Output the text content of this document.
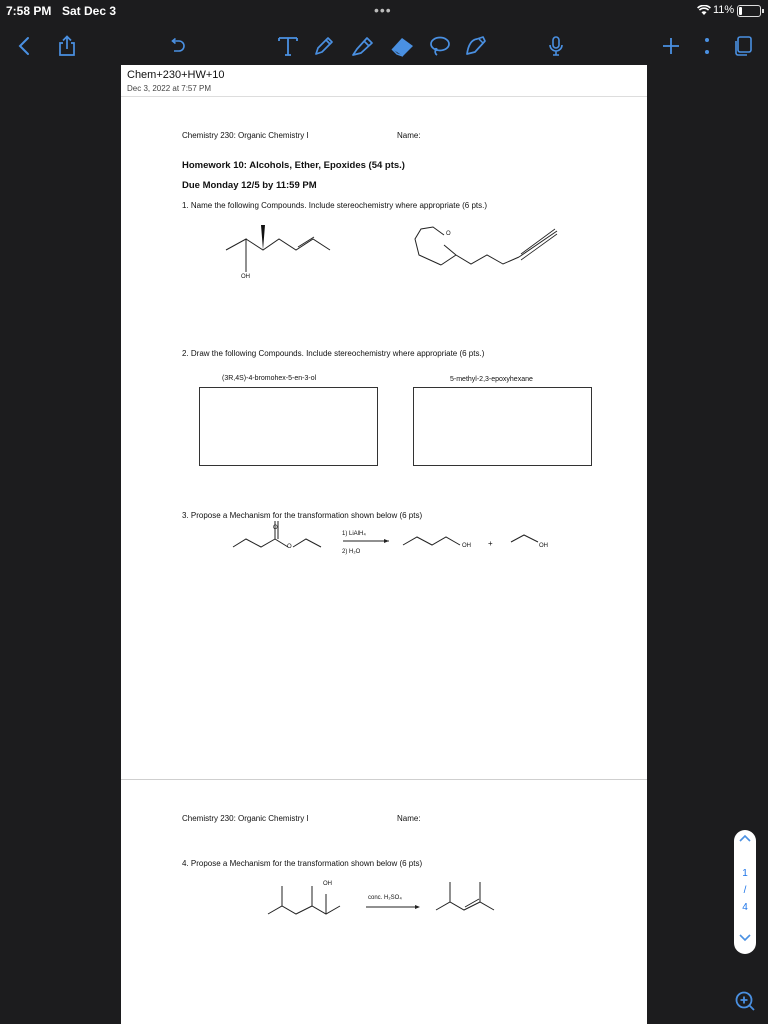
7:58 PM Sat Dec 3	•••	11%
Chem+230+HW+10
Dec 3, 2022 at 7:57 PM
Chemistry 230: Organic Chemistry I	Name:
Homework 10: Alcohols, Ether, Epoxides (54 pts.)
Due Monday 12/5 by 11:59 PM
1. Name the following Compounds. Include stereochemistry where appropriate (6 pts.)
OH
O
2. Draw the following Compounds. Include stereochemistry where appropriate (6 pts.)
(3R,4S)-4-bromohex-5-en-3-ol	5-methyl-2,3-epoxyhexane
3. Propose a Mechanism for the transformation shown below (6 pts)
O
O
1) LiAlH₄
2) H₂O
OH +	OH
Chemistry 230: Organic Chemistry I	Name:
4. Propose a Mechanism for the transformation shown below (6 pts)
OH
conc. H₂SO₄
1
/
4
